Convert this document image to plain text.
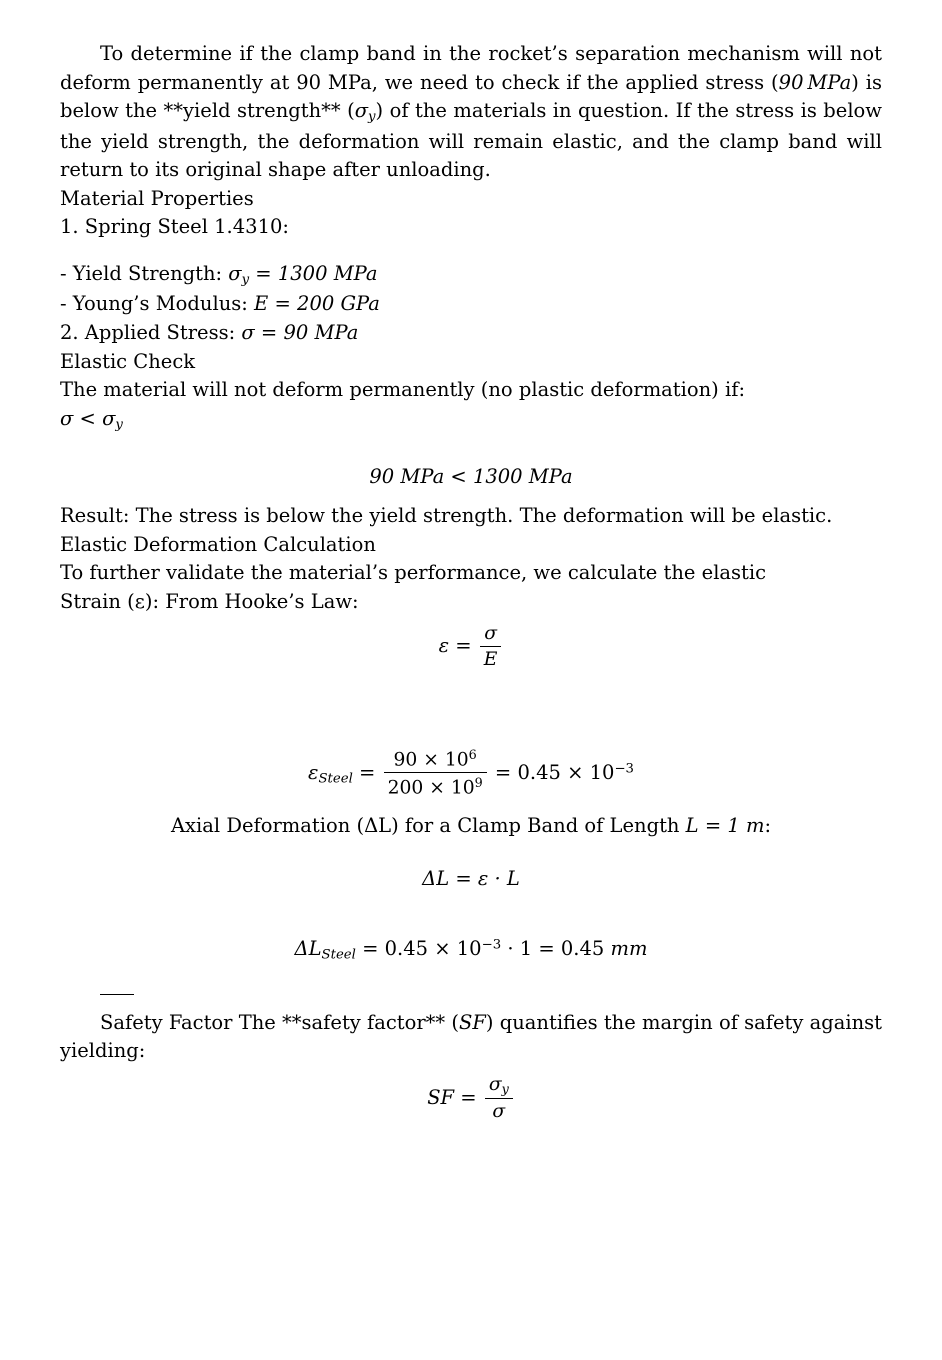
To determine if the clamp band in the rocket’s separation mechanism will not deform permanently at 90 MPa, we need to check if the applied stress (90 MPa) is below the **yield strength** $(\sigma_y)$ of the materials in question. If the stress is below the yield strength, the deformation will remain elastic, and the clamp band will return to its original shape after unloading.

Material Properties

1. Spring Steel 1.4310:

- Yield Strength: $\sigma_y = 1300$ MPa

- Young’s Modulus: E = 200 GPa

2. Applied Stress: σ = 90 MPa

Elastic Check

The material will not deform permanently (no plastic deformation) if:

$\sigma < \sigma_y$

90 MPa < 1300 MPa

Result: The stress is below the yield strength. The deformation will be elastic.

Elastic Deformation Calculation

To further validate the material’s performance, we calculate the elastic

Strain (ε): From Hooke’s Law:

$\varepsilon = \frac{\sigma}{E}$
$\varepsilon_{Steel} = \frac{90 \times 10^6}{200 \times 10^9} = 0.45 \times 10^{-3}$

Axial Deformation (ΔL) for a Clamp Band of Length L = 1 m:

ΔL = ε · L

$\Delta L_{Steel} = 0.45 \times 10^{-3} \cdot 1 = 0.45$ mm

Safety Factor The **safety factor** (SF) quantifies the margin of safety against yielding:

SF = $\frac{\sigma_y}{\sigma}$
